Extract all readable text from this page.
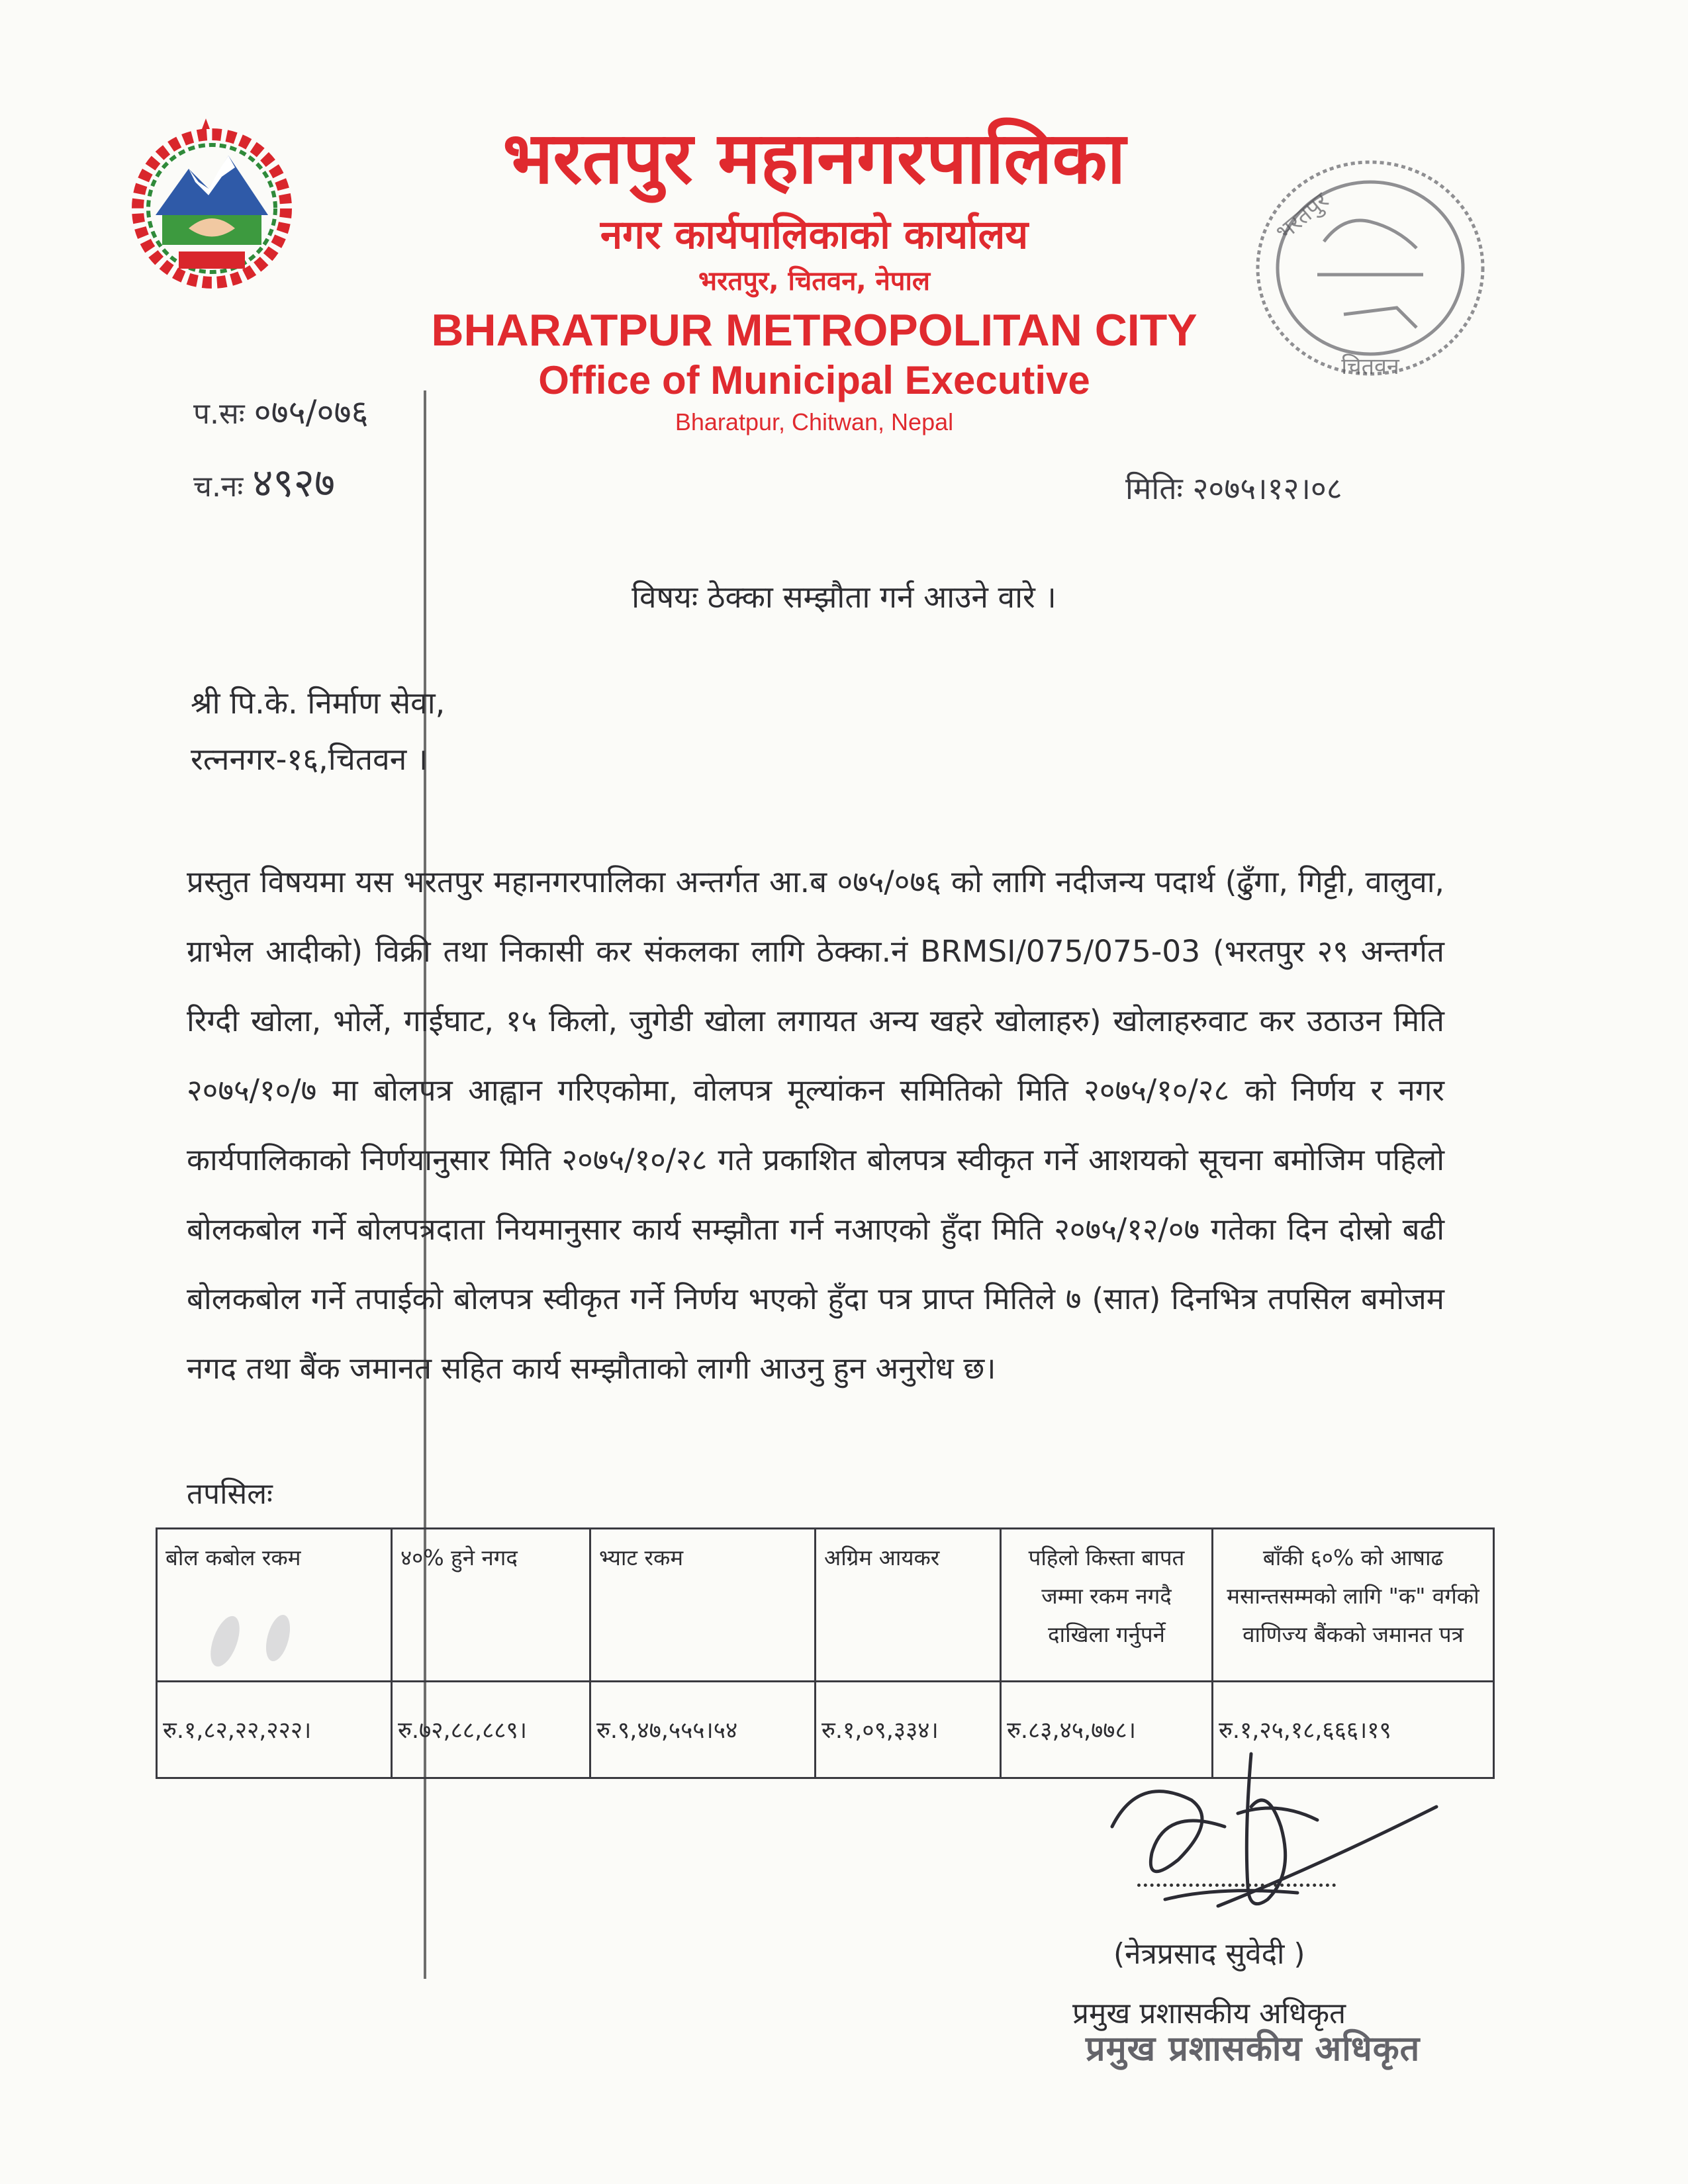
भरतपुर
चितवन
भरतपुर महानगरपालिका
नगर कार्यपालिकाको कार्यालय
भरतपुर, चितवन, नेपाल
BHARATPUR METROPOLITAN CITY
Office of Municipal Executive
Bharatpur, Chitwan, Nepal
प.सः ०७५/०७६
च.नः ४९२७	मितिः २०७५।१२।०८
विषयः ठेक्का सम्झौता गर्न आउने वारे ।
श्री पि.के. निर्माण सेवा,
रत्ननगर-१६,चितवन ।
प्रस्तुत विषयमा यस भरतपुर महानगरपालिका अन्तर्गत आ.ब ०७५/०७६ को लागि नदीजन्य पदार्थ (ढुँगा, गिट्टी, वालुवा, ग्राभेल आदीको) विक्री तथा निकासी कर संकलका लागि ठेक्का.नं BRMSI/075/075-03 (भरतपुर २९ अन्तर्गत रिग्दी खोला, भोर्ले, गाईघाट, १५ किलो, जुगेडी खोला लगायत अन्य खहरे खोलाहरु) खोलाहरुवाट कर उठाउन मिति २०७५/१०/७ मा बोलपत्र आह्वान गरिएकोमा, वोलपत्र मूल्यांकन समितिको मिति २०७५/१०/२८ को निर्णय र नगर कार्यपालिकाको निर्णयानुसार मिति २०७५/१०/२८ गते प्रकाशित बोलपत्र स्वीकृत गर्ने आशयको सूचना बमोजिम पहिलो बोलकबोल गर्ने बोलपत्रदाता नियमानुसार कार्य सम्झौता गर्न नआएको हुँदा मिति २०७५/१२/०७ गतेका दिन दोस्रो बढी बोलकबोल गर्ने तपाईको बोलपत्र स्वीकृत गर्ने निर्णय भएको हुँदा पत्र प्राप्त मितिले ७ (सात) दिनभित्र तपसिल बमोजम नगद तथा बैंक जमानत सहित कार्य सम्झौताको लागी आउनु हुन अनुरोध छ।
तपसिलः
बोल कबोल रकम	४०% हुने नगद	भ्याट रकम	अग्रिम आयकर	पहिलो किस्ता बापत जम्मा रकम नगदै दाखिला गर्नुपर्ने	बाँकी ६०% को आषाढ मसान्तसम्मको लागि "क" वर्गको वाणिज्य बैंकको जमानत पत्र
रु.१,८२,२२,२२२।	रु.७२,८८,८८९।	रु.९,४७,५५५।५४	रु.१,०९,३३४।	रु.८३,४५,७७८।	रु.१,२५,१८,६६६।१९
(नेत्रप्रसाद सुवेदी )
प्रमुख प्रशासकीय अधिकृत
प्रमुख प्रशासकीय अधिकृत
